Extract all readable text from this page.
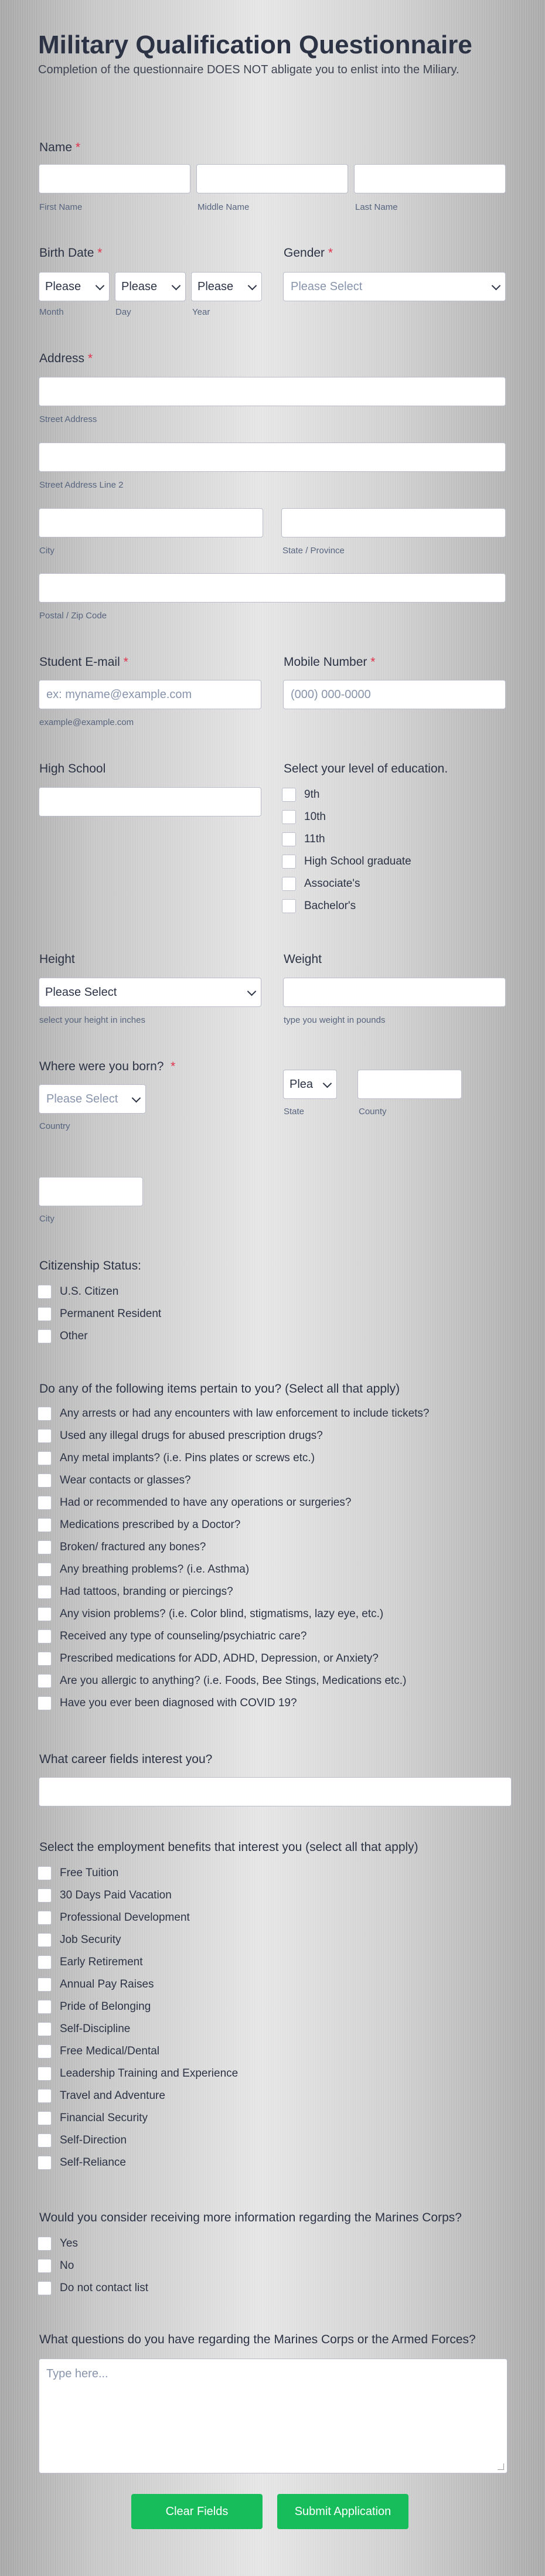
Military Qualification Questionnaire
Completion of the questionnaire DOES NOT abligate you to enlist into the Miliary.
Name *
First Name	Middle Name	Last Name
Birth Date *
Please	Please	Please
Month	Day	Year
Gender *
Please Select
Address *
Street Address
Street Address Line 2
City	State / Province
Postal / Zip Code
Student E-mail *
ex: myname@example.com
example@example.com
Mobile Number *
(000) 000-0000
High School	Select your level of education.
9th
10th
11th
High School graduate
Associate's
Bachelor's
Height
Please Select
select your height in inches
Weight
type you weight in pounds
Where were you born? *
Please Select
Country
Plea
State	County
City
Citizenship Status:
U.S. Citizen
Permanent Resident
Other
Do any of the following items pertain to you? (Select all that apply)
Any arrests or had any encounters with law enforcement to include tickets?
Used any illegal drugs for abused prescription drugs?
Any metal implants? (i.e. Pins plates or screws etc.)
Wear contacts or glasses?
Had or recommended to have any operations or surgeries?
Medications prescribed by a Doctor?
Broken/ fractured any bones?
Any breathing problems? (i.e. Asthma)
Had tattoos, branding or piercings?
Any vision problems? (i.e. Color blind, stigmatisms, lazy eye, etc.)
Received any type of counseling/psychiatric care?
Prescribed medications for ADD, ADHD, Depression, or Anxiety?
Are you allergic to anything? (i.e. Foods, Bee Stings, Medications etc.)
Have you ever been diagnosed with COVID 19?
What career fields interest you?
Select the employment benefits that interest you (select all that apply)
Free Tuition
30 Days Paid Vacation
Professional Development
Job Security
Early Retirement
Annual Pay Raises
Pride of Belonging
Self-Discipline
Free Medical/Dental
Leadership Training and Experience
Travel and Adventure
Financial Security
Self-Direction
Self-Reliance
Would you consider receiving more information regarding the Marines Corps?
Yes
No
Do not contact list
What questions do you have regarding the Marines Corps or the Armed Forces?
Type here...
Clear Fields	Submit Application
